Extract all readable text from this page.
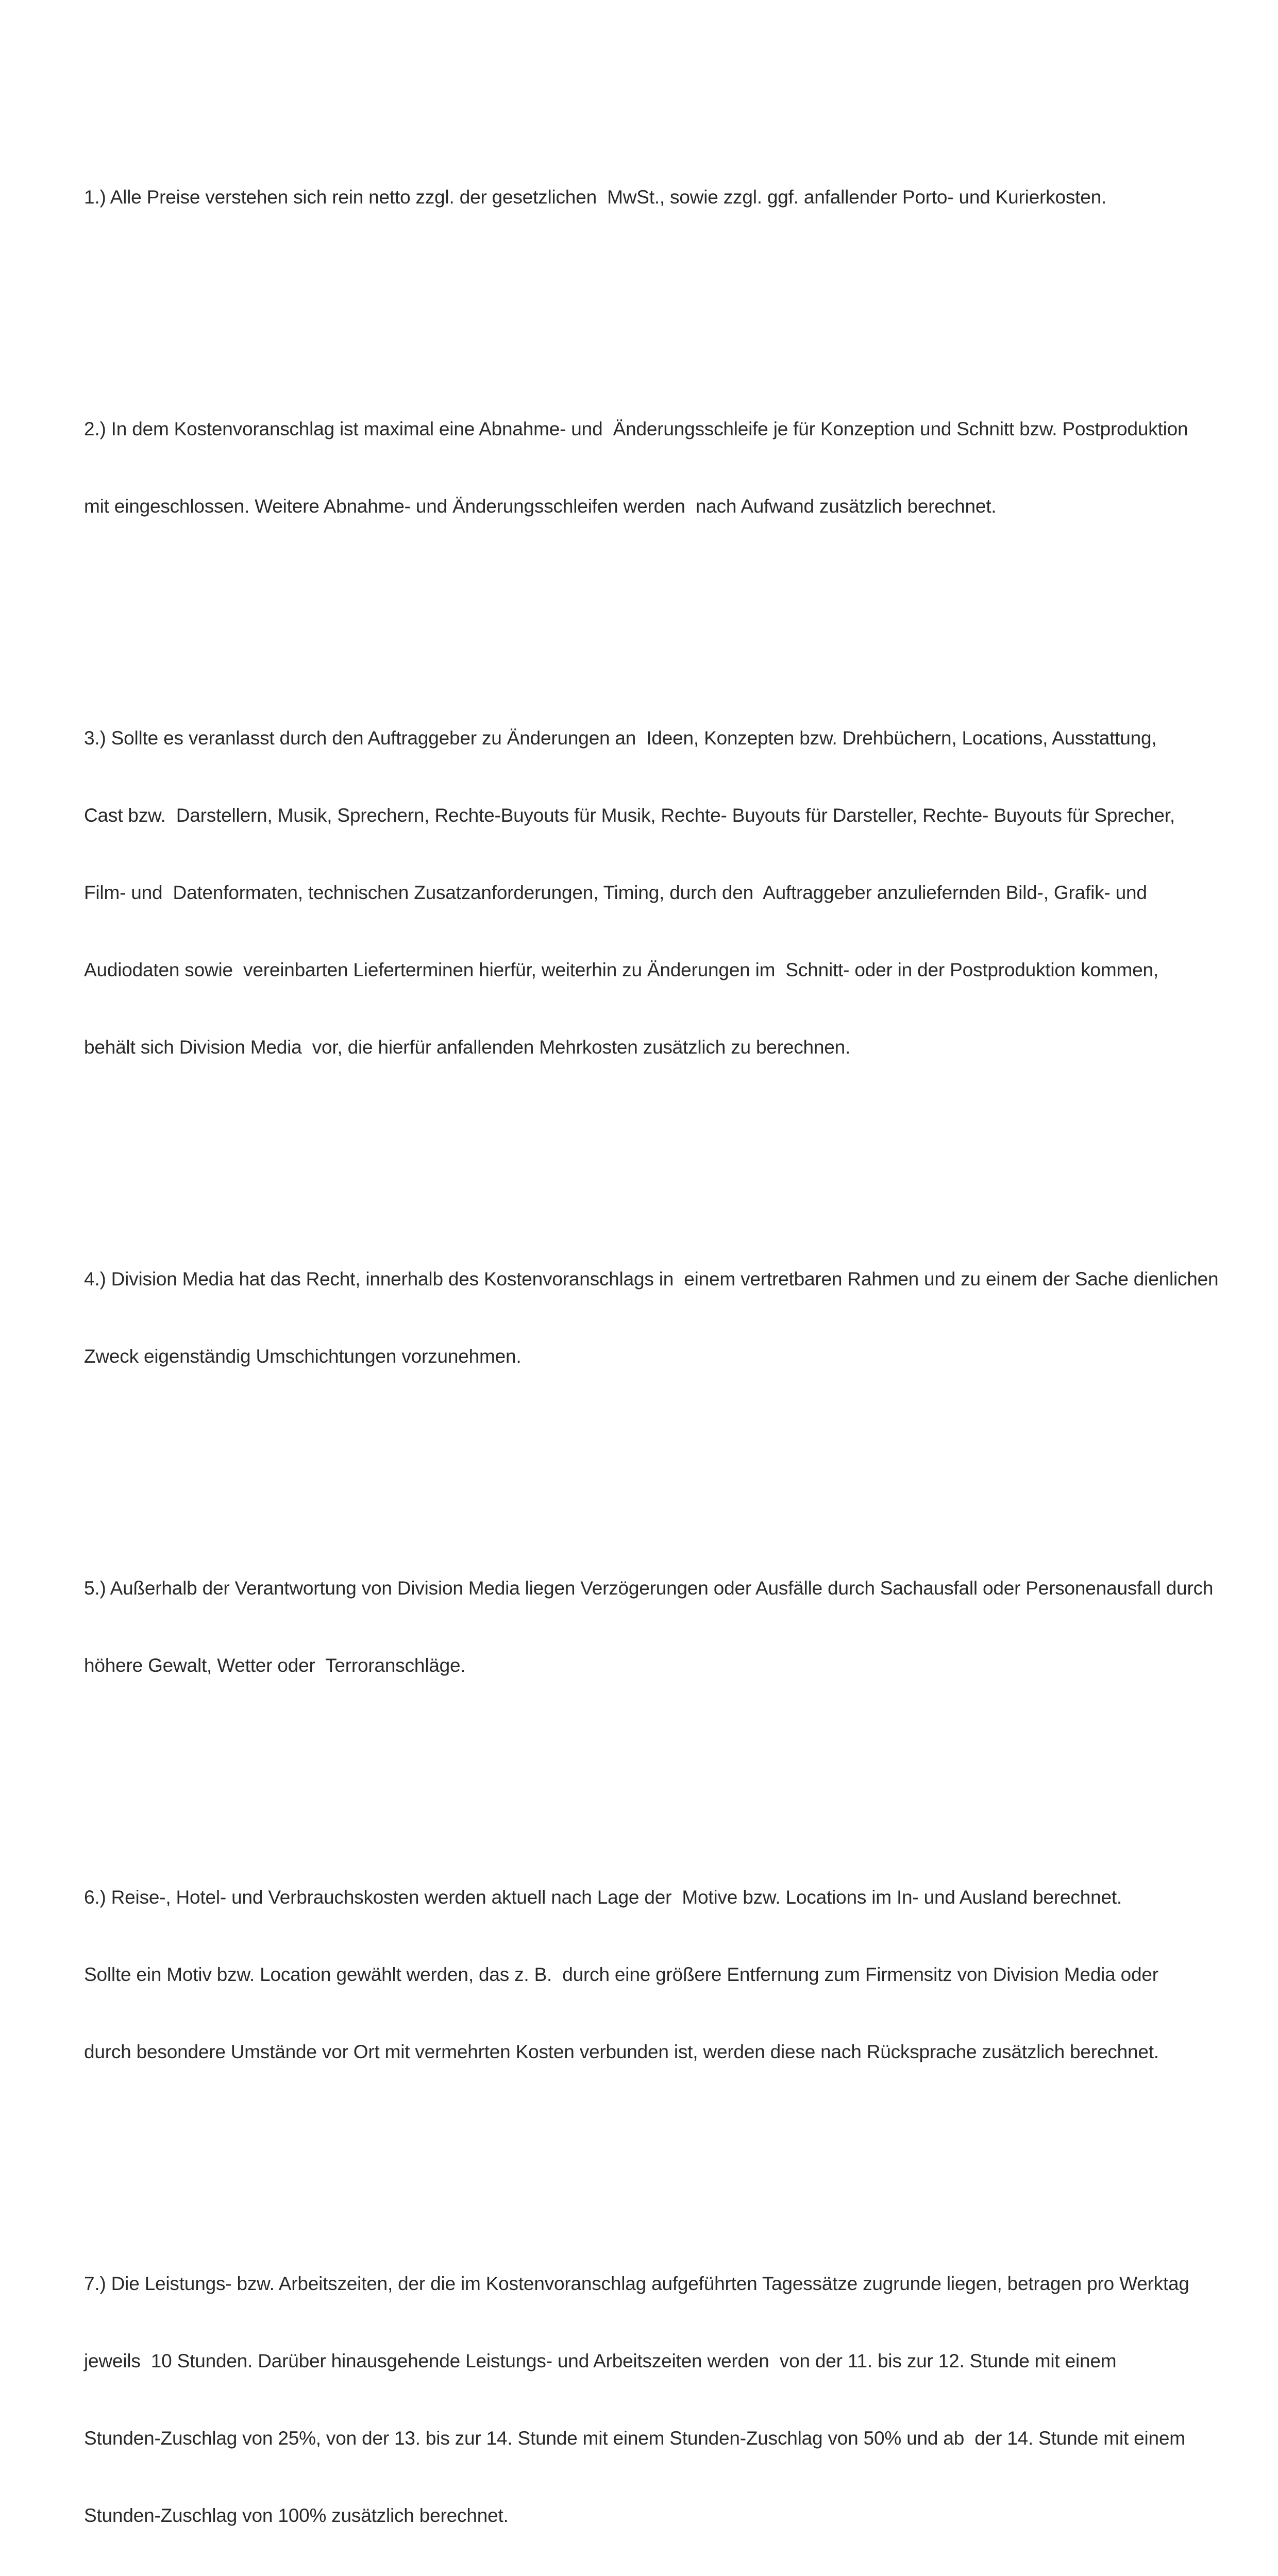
1.) Alle Preise verstehen sich rein netto zzgl. der gesetzlichen  MwSt., sowie zzgl. ggf. anfallender Porto- und Kurierkosten.

2.) In dem Kostenvoranschlag ist maximal eine Abnahme- und  Änderungsschleife je für Konzeption und Schnitt bzw. Postproduktion

mit eingeschlossen. Weitere Abnahme- und Änderungsschleifen werden  nach Aufwand zusätzlich berechnet.

3.) Sollte es veranlasst durch den Auftraggeber zu Änderungen an  Ideen, Konzepten bzw. Drehbüchern, Locations, Ausstattung,

Cast bzw.  Darstellern, Musik, Sprechern, Rechte-Buyouts für Musik, Rechte- Buyouts für Darsteller, Rechte- Buyouts für Sprecher,

Film- und  Datenformaten, technischen Zusatzanforderungen, Timing, durch den  Auftraggeber anzuliefernden Bild-, Grafik- und

Audiodaten sowie  vereinbarten Lieferterminen hierfür, weiterhin zu Änderungen im  Schnitt- oder in der Postproduktion kommen,

behält sich Division Media  vor, die hierfür anfallenden Mehrkosten zusätzlich zu berechnen.

4.) Division Media hat das Recht, innerhalb des Kostenvoranschlags in  einem vertretbaren Rahmen und zu einem der Sache dienlichen

Zweck eigenständig Umschichtungen vorzunehmen.

5.) Außerhalb der Verantwortung von Division Media liegen Verzögerungen oder Ausfälle durch Sachausfall oder Personenausfall durch

höhere Gewalt, Wetter oder  Terroranschläge.

6.) Reise-, Hotel- und Verbrauchskosten werden aktuell nach Lage der  Motive bzw. Locations im In- und Ausland berechnet.

Sollte ein Motiv bzw. Location gewählt werden, das z. B.  durch eine größere Entfernung zum Firmensitz von Division Media oder

durch besondere Umstände vor Ort mit vermehrten Kosten verbunden ist, werden diese nach Rücksprache zusätzlich berechnet.

7.) Die Leistungs- bzw. Arbeitszeiten, der die im Kostenvoranschlag aufgeführten Tagessätze zugrunde liegen, betragen pro Werktag

jeweils  10 Stunden. Darüber hinausgehende Leistungs- und Arbeitszeiten werden  von der 11. bis zur 12. Stunde mit einem

Stunden-Zuschlag von 25%, von der 13. bis zur 14. Stunde mit einem Stunden-Zuschlag von 50% und ab  der 14. Stunde mit einem

Stunden-Zuschlag von 100% zusätzlich berechnet.
